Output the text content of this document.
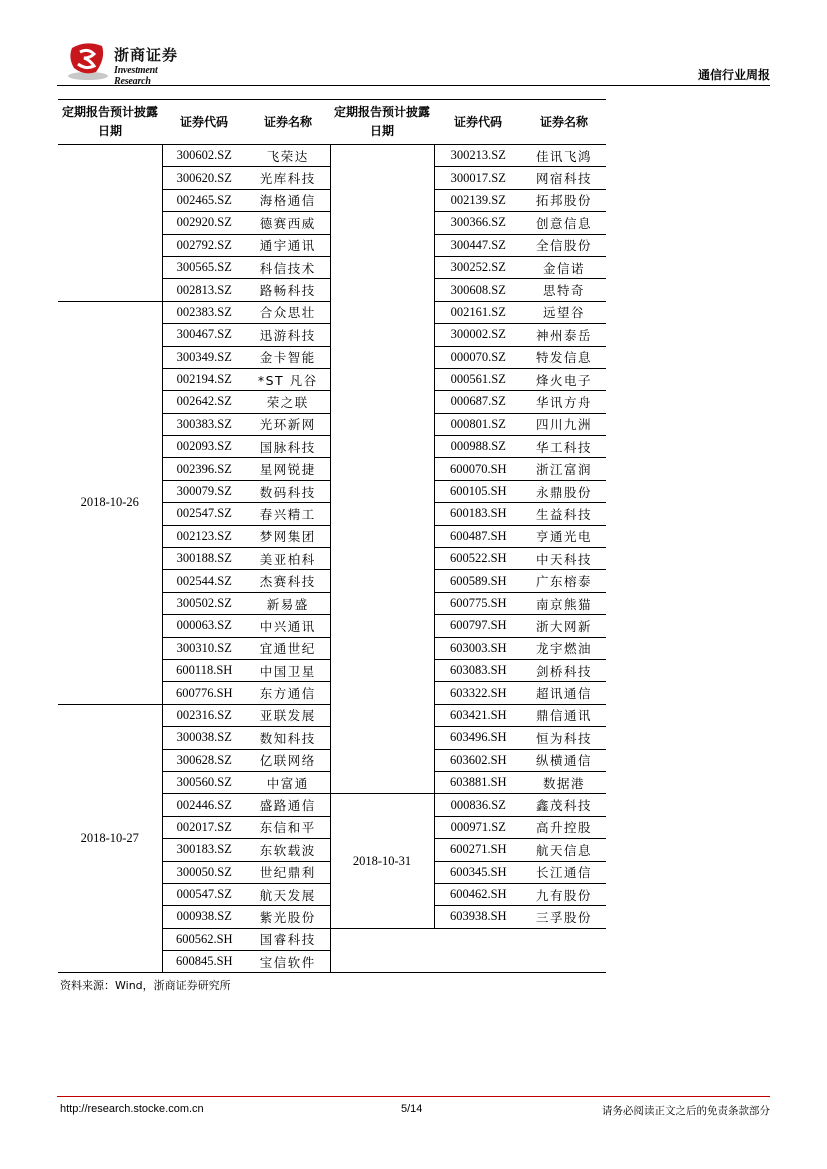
浙商证券
Investment Research	通信行业周报
定期报告预计披露日期	证券代码	证券名称	定期报告预计披露日期	证券代码	证券名称
	300602.SZ	飞荣达		300213.SZ	佳讯飞鸿
	300620.SZ	光库科技		300017.SZ	网宿科技
	002465.SZ	海格通信		002139.SZ	拓邦股份
	002920.SZ	德赛西威		300366.SZ	创意信息
	002792.SZ	通宇通讯		300447.SZ	全信股份
	300565.SZ	科信技术		300252.SZ	金信诺
	002813.SZ	路畅科技		300608.SZ	思特奇
2018-10-26	002383.SZ	合众思壮		002161.SZ	远望谷
	300467.SZ	迅游科技		300002.SZ	神州泰岳
	300349.SZ	金卡智能		000070.SZ	特发信息
	002194.SZ	*ST 凡谷		000561.SZ	烽火电子
	002642.SZ	荣之联		000687.SZ	华讯方舟
	300383.SZ	光环新网		000801.SZ	四川九洲
	002093.SZ	国脉科技		000988.SZ	华工科技
	002396.SZ	星网锐捷		600070.SH	浙江富润
	300079.SZ	数码科技		600105.SH	永鼎股份
	002547.SZ	春兴精工		600183.SH	生益科技
	002123.SZ	梦网集团		600487.SH	亨通光电
	300188.SZ	美亚柏科		600522.SH	中天科技
	002544.SZ	杰赛科技		600589.SH	广东榕泰
	300502.SZ	新易盛		600775.SH	南京熊猫
	000063.SZ	中兴通讯		600797.SH	浙大网新
	300310.SZ	宜通世纪		603003.SH	龙宇燃油
	600118.SH	中国卫星		603083.SH	剑桥科技
	600776.SH	东方通信		603322.SH	超讯通信
2018-10-27	002316.SZ	亚联发展		603421.SH	鼎信通讯
	300038.SZ	数知科技		603496.SH	恒为科技
	300628.SZ	亿联网络		603602.SH	纵横通信
	300560.SZ	中富通		603881.SH	数据港
	002446.SZ	盛路通信	2018-10-31	000836.SZ	鑫茂科技
	002017.SZ	东信和平		000971.SZ	高升控股
	300183.SZ	东软载波		600271.SH	航天信息
	300050.SZ	世纪鼎利		600345.SH	长江通信
	000547.SZ	航天发展		600462.SH	九有股份
	000938.SZ	紫光股份		603938.SH	三孚股份
	600562.SH	国睿科技			
	600845.SH	宝信软件			
资料来源：Wind，浙商证券研究所
http://research.stocke.com.cn	5/14	请务必阅读正文之后的免责条款部分
